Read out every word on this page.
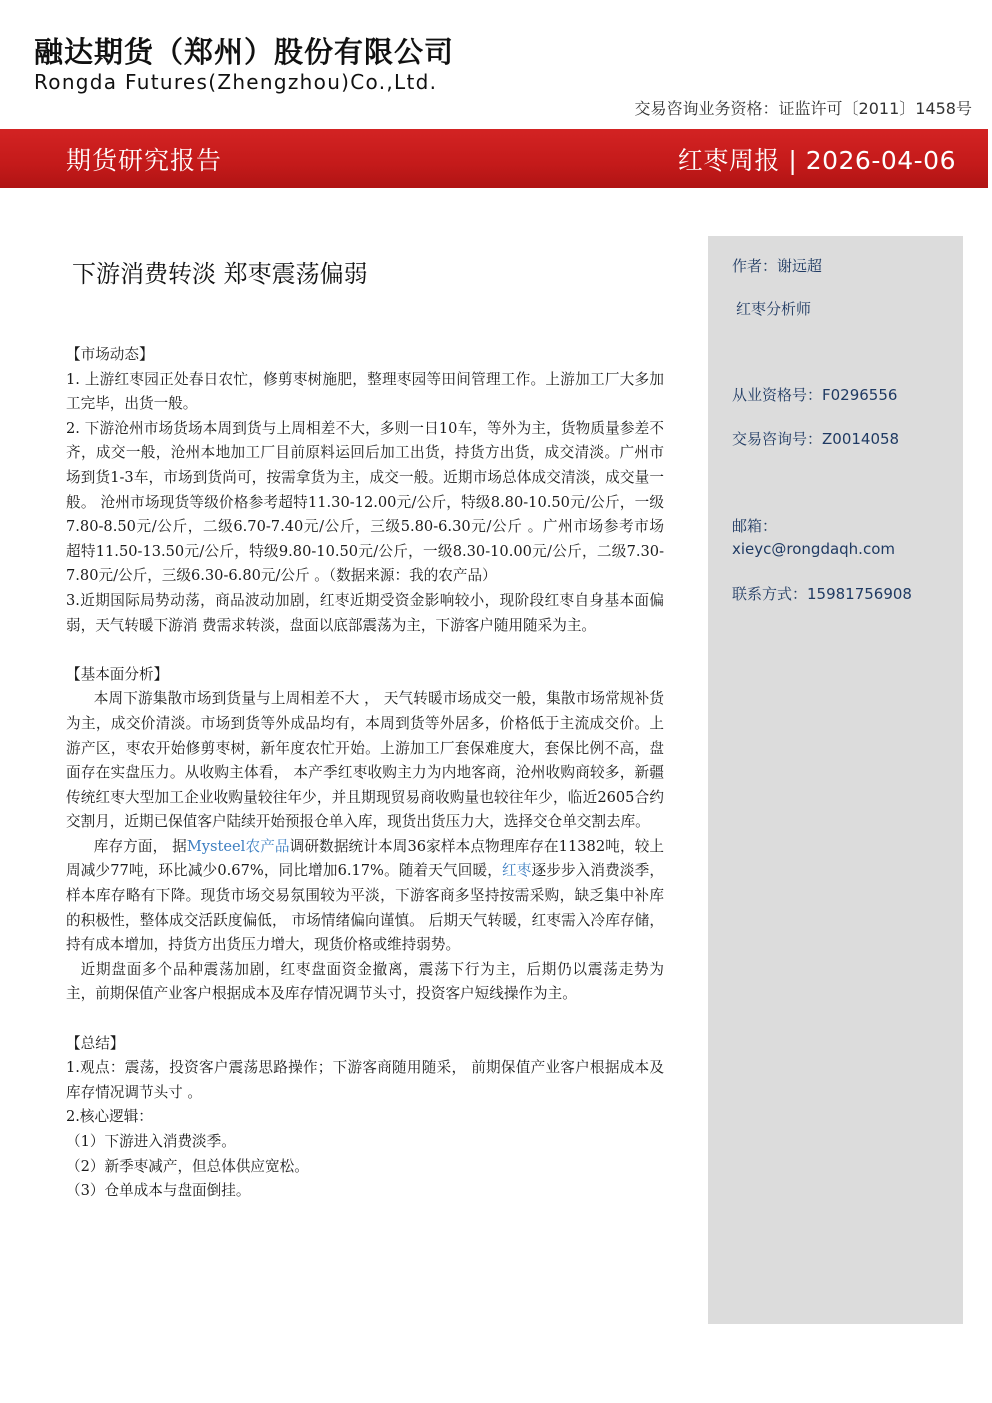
融达期货（郑州）股份有限公司
Rongda Futures(Zhengzhou)Co.,Ltd.
交易咨询业务资格：证监许可〔2011〕1458号
期货研究报告	红枣周报 | 2026-04-06
作者：谢远超
红枣分析师
从业资格号：F0296556
交易咨询号：Z0014058
邮箱：
xieyc@rongdaqh.com
联系方式：15981756908
下游消费转淡 郑枣震荡偏弱

【市场动态】

1. 上游红枣园正处春日农忙，修剪枣树施肥，整理枣园等田间管理工作。上游加工厂大多加工完毕，出货一般。

2. 下游沧州市场货场本周到货与上周相差不大，多则一日10车，等外为主，货物质量参差不齐，成交一般，沧州本地加工厂目前原料运回后加工出货，持货方出货，成交清淡。广州市场到货1-3车，市场到货尚可，按需拿货为主，成交一般。近期市场总体成交清淡，成交量一般。 沧州市场现货等级价格参考超特11.30-12.00元/公斤，特级8.80-10.50元/公斤，一级7.80-8.50元/公斤，二级6.70-7.40元/公斤，三级5.80-6.30元/公斤 。广州市场参考市场 超特11.50-13.50元/公斤，特级9.80-10.50元/公斤，一级8.30-10.00元/公斤，二级7.30-7.80元/公斤，三级6.30-6.80元/公斤 。（数据来源：我的农产品）

3.近期国际局势动荡，商品波动加剧，红枣近期受资金影响较小，现阶段红枣自身基本面偏弱，天气转暖下游消 费需求转淡，盘面以底部震荡为主，下游客户随用随采为主。

【基本面分析】

本周下游集散市场到货量与上周相差不大 ， 天气转暖市场成交一般，集散市场常规补货为主，成交价清淡。市场到货等外成品均有，本周到货等外居多，价格低于主流成交价。上游产区，枣农开始修剪枣树，新年度农忙开始。上游加工厂套保难度大，套保比例不高，盘面存在实盘压力。从收购主体看， 本产季红枣收购主力为内地客商，沧州收购商较多，新疆传统红枣大型加工企业收购量较往年少，并且期现贸易商收购量也较往年少，临近2605合约交割月，近期已保值客户陆续开始预报仓单入库，现货出货压力大，选择交仓单交割去库。

库存方面， 据Mysteel农产品调研数据统计本周36家样本点物理库存在11382吨，较上周减少77吨，环比减少0.67%，同比增加6.17%。随着天气回暖，红枣逐步步入消费淡季，样本库存略有下降。现货市场交易氛围较为平淡，下游客商多坚持按需采购，缺乏集中补库的积极性，整体成交活跃度偏低， 市场情绪偏向谨慎。 后期天气转暖，红枣需入冷库存储，持有成本增加，持货方出货压力增大，现货价格或维持弱势。

近期盘面多个品种震荡加剧，红枣盘面资金撤离，震荡下行为主，后期仍以震荡走势为主，前期保值产业客户根据成本及库存情况调节头寸，投资客户短线操作为主。

【总结】

1.观点：震荡，投资客户震荡思路操作；下游客商随用随采， 前期保值产业客户根据成本及库存情况调节头寸 。

2.核心逻辑：

（1）下游进入消费淡季。

（2）新季枣减产，但总体供应宽松。

（3）仓单成本与盘面倒挂。
